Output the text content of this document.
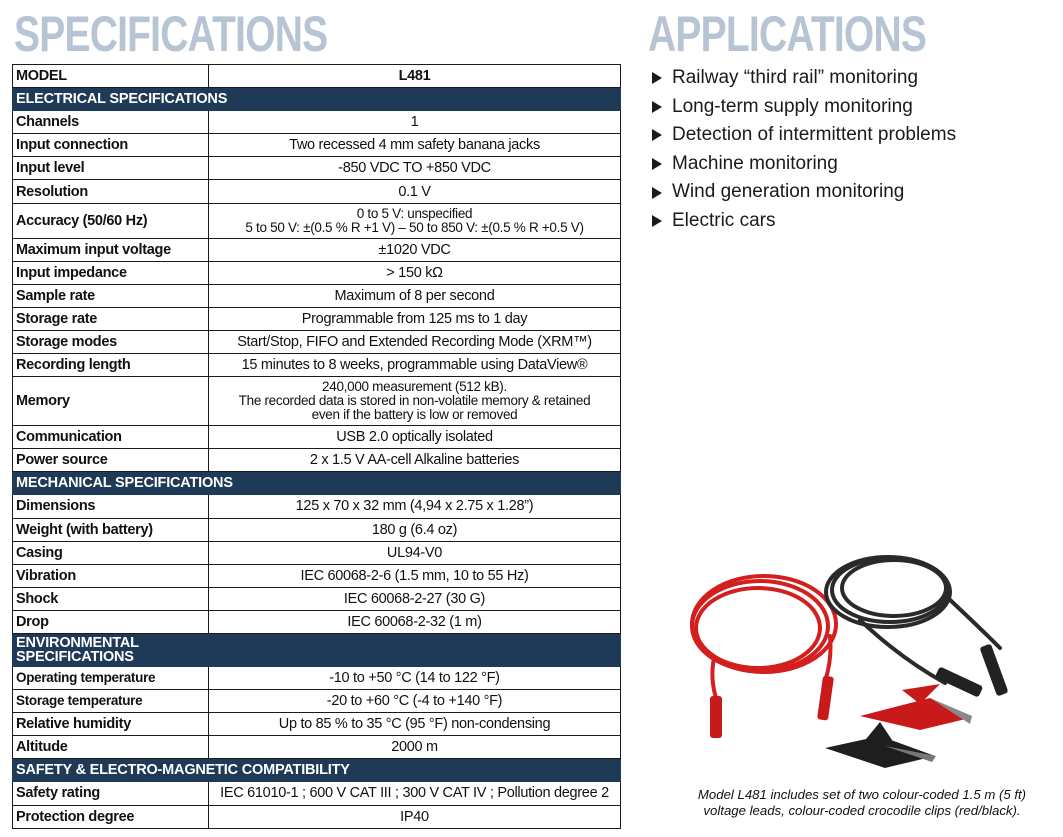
SPECIFICATIONS	APPLICATIONS
MODEL	L481
ELECTRICAL SPECIFICATIONS	
Channels	1
Input connection	Two recessed 4 mm safety banana jacks
Input level	-850 VDC TO +850 VDC
Resolution	0.1 V
Accuracy (50/60 Hz)	0 to 5 V: unspecified
5 to 50 V: ±(0.5 % R +1 V) – 50 to 850 V: ±(0.5 % R +0.5 V)
Maximum input voltage	±1020 VDC
Input impedance	> 150 kΩ
Sample rate	Maximum of 8 per second
Storage rate	Programmable from 125 ms to 1 day
Storage modes	Start/Stop, FIFO and Extended Recording Mode (XRM™)
Recording length	15 minutes to 8 weeks, programmable using DataView®
Memory	240,000 measurement (512 kB).
The recorded data is stored in non-volatile memory & retained
even if the battery is low or removed
Communication	USB 2.0 optically isolated
Power source	2 x 1.5 V AA-cell Alkaline batteries
MECHANICAL SPECIFICATIONS	
Dimensions	125 x 70 x 32 mm (4,94 x 2.75 x 1.28”)
Weight (with battery)	180 g (6.4 oz)
Casing	UL94-V0
Vibration	IEC 60068-2-6 (1.5 mm, 10 to 55 Hz)
Shock	IEC 60068-2-27 (30 G)
Drop	IEC 60068-2-32 (1 m)
ENVIRONMENTAL
SPECIFICATIONS	
Operating temperature	-10 to +50 °C (14 to 122 °F)
Storage temperature	-20 to +60 °C (-4 to +140 °F)
Relative humidity	Up to 85 % to 35 °C (95 °F) non-condensing
Altitude	2000 m
SAFETY & ELECTRO-MAGNETIC COMPATIBILITY	
Safety rating	IEC 61010-1 ; 600 V CAT III ; 300 V CAT IV ; Pollution degree 2
Protection degree	IP40
Railway “third rail” monitoring
Long-term supply monitoring
Detection of intermittent problems
Machine monitoring
Wind generation monitoring
Electric cars
Model L481 includes set of two colour-coded 1.5 m (5 ft)
voltage leads, colour-coded crocodile clips (red/black).
